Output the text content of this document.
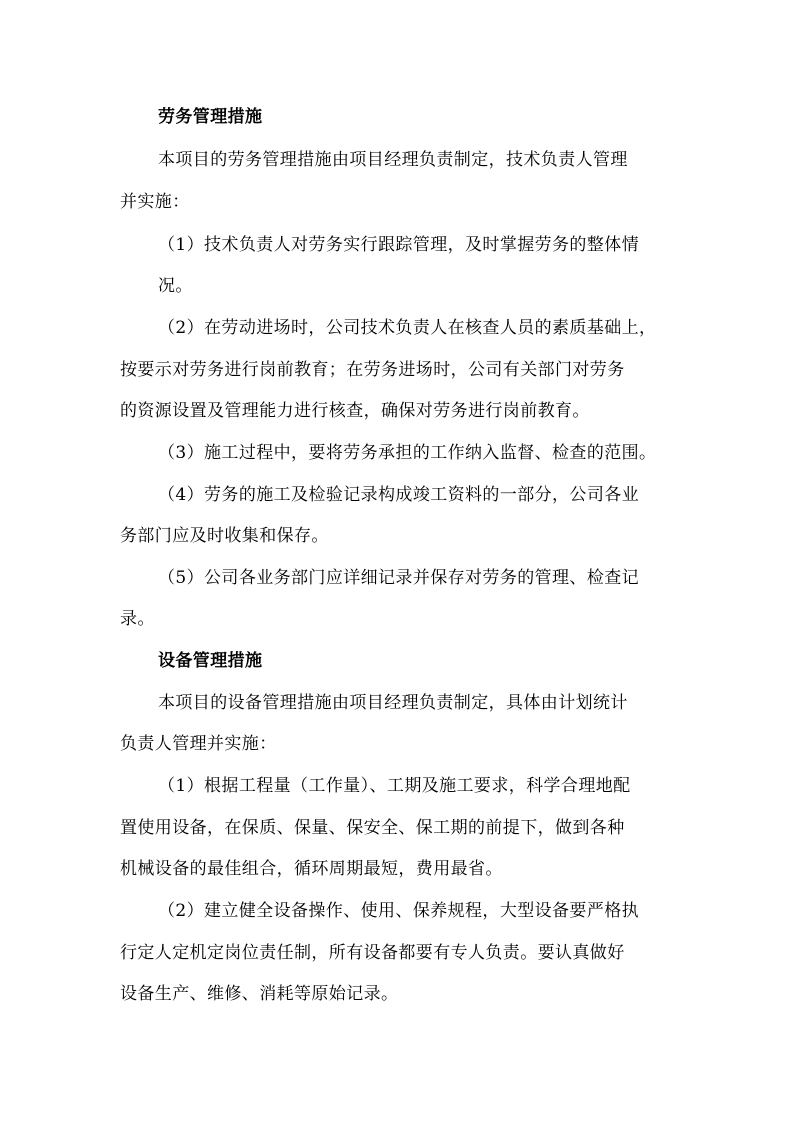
劳务管理措施
本项目的劳务管理措施由项目经理负责制定，技术负责人管理
并实施：
（1）技术负责人对劳务实行跟踪管理，及时掌握劳务的整体情
况。
（2）在劳动进场时，公司技术负责人在核查人员的素质基础上，
按要示对劳务进行岗前教育；在劳务进场时，公司有关部门对劳务
的资源设置及管理能力进行核查，确保对劳务进行岗前教育。
（3）施工过程中，要将劳务承担的工作纳入监督、检查的范围。
（4）劳务的施工及检验记录构成竣工资料的一部分，公司各业
务部门应及时收集和保存。
（5）公司各业务部门应详细记录并保存对劳务的管理、检查记
录。
设备管理措施
本项目的设备管理措施由项目经理负责制定，具体由计划统计
负责人管理并实施：
（1）根据工程量（工作量）、工期及施工要求，科学合理地配
置使用设备，在保质、保量、保安全、保工期的前提下，做到各种
机械设备的最佳组合，循环周期最短，费用最省。
（2）建立健全设备操作、使用、保养规程，大型设备要严格执
行定人定机定岗位责任制，所有设备都要有专人负责。要认真做好
设备生产、维修、消耗等原始记录。
